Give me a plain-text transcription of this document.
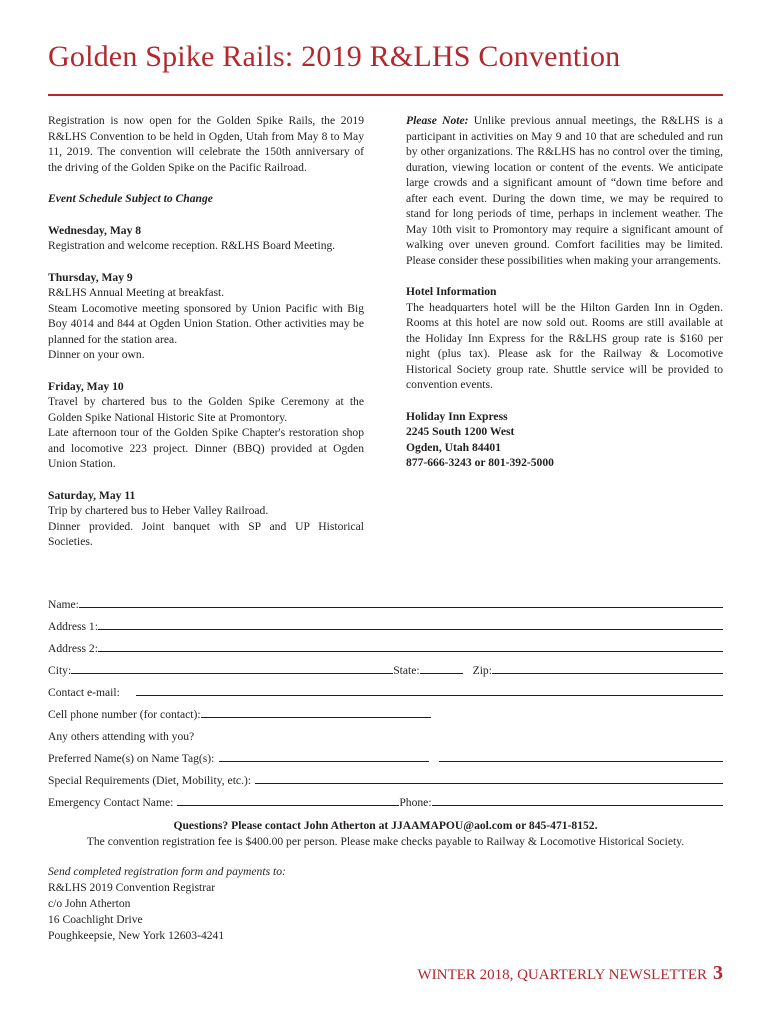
Golden Spike Rails: 2019 R&LHS Convention

Registration is now open for the Golden Spike Rails, the 2019 R&LHS Convention to be held in Ogden, Utah from May 8 to May 11, 2019. The convention will celebrate the 150th anniversary of the driving of the Golden Spike on the Pacific Railroad.

Event Schedule Subject to Change

Wednesday, May 8

Registration and welcome reception. R&LHS Board Meeting.

Thursday, May 9

R&LHS Annual Meeting at breakfast.

Steam Locomotive meeting sponsored by Union Pacific with Big Boy 4014 and 844 at Ogden Union Station. Other activities may be planned for the station area.

Dinner on your own.

Friday, May 10

Travel by chartered bus to the Golden Spike Ceremony at the Golden Spike National Historic Site at Promontory.

Late afternoon tour of the Golden Spike Chapter's restoration shop and locomotive 223 project. Dinner (BBQ) provided at Ogden Union Station.

Saturday, May 11

Trip by chartered bus to Heber Valley Railroad.

Dinner provided. Joint banquet with SP and UP Historical Societies.

Please Note: Unlike previous annual meetings, the R&LHS is a participant in activities on May 9 and 10 that are scheduled and run by other organizations. The R&LHS has no control over the timing, duration, viewing location or content of the events. We anticipate large crowds and a significant amount of “down time before and after each event. During the down time, we may be required to stand for long periods of time, perhaps in inclement weather. The May 10th visit to Promontory may require a significant amount of walking over uneven ground. Comfort facilities may be limited. Please consider these possibilities when making your arrangements.

Hotel Information

The headquarters hotel will be the Hilton Garden Inn in Ogden. Rooms at this hotel are now sold out. Rooms are still available at the Holiday Inn Express for the R&LHS group rate is $160 per night (plus tax). Please ask for the Railway & Locomotive Historical Society group rate. Shuttle service will be provided to convention events.

Holiday Inn Express

2245 South 1200 West

Ogden, Utah 84401

877-666-3243 or 801-392-5000

Name:
Address 1:
Address 2:
City:	State:	Zip:
Contact e-mail:
Cell phone number (for contact):
Any others attending with you?
Preferred Name(s) on Name Tag(s):
Special Requirements (Diet, Mobility, etc.):
Emergency Contact Name:	Phone:
Questions? Please contact John Atherton at JJAAMAPOU@aol.com or 845-471-8152.
The convention registration fee is $400.00 per person. Please make checks payable to Railway & Locomotive Historical Society.

Send completed registration form and payments to:

R&LHS 2019 Convention Registrar

c/o John Atherton

16 Coachlight Drive

Poughkeepsie, New York 12603-4241

WINTER 2018, QUARTERLY NEWSLETTER 3
